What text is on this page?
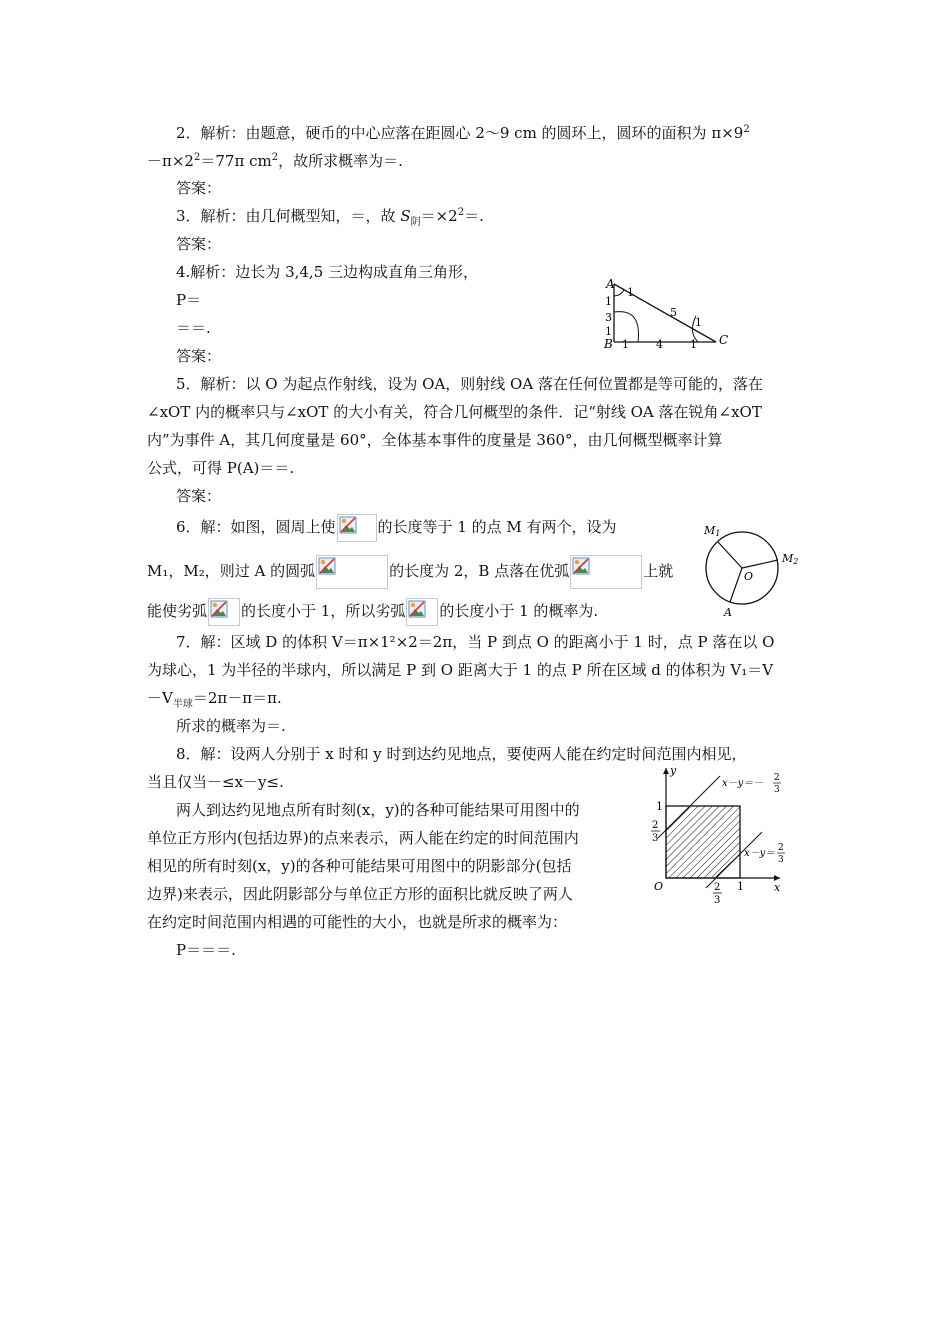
2．解析：由题意，硬币的中心应落在距圆心 2～9 cm 的圆环上，圆环的面积为 $\pi\times 9^2$
$-\pi\times 2^2=77\pi$ $cm^2$，故所求概率为＝.
答案：
3．解析：由几何概型知，＝，故 $S_阴=\times 2^2=$.
答案：
4.解析：边长为 3,4,5 三边构成直角三角形，
P＝
＝＝.
答案：
A
B	C
1
3
1
1
5
1
1 4 1
5．解析：以 O 为起点作射线，设为 OA，则射线 OA 落在任何位置都是等可能的，落在
∠xOT 内的概率只与∠xOT 的大小有关，符合几何概型的条件．记“射线 OA 落在锐角∠xOT
内”为事件 A，其几何度量是 60°，全体基本事件的度量是 360°，由几何概型概率计算
公式，可得 P(A)＝＝.
答案：
6．解：如图，圆周上使	的长度等于 1 的点 M 有两个，设为
M₁，M₂，则过 A 的圆弧	的长度为 2，B 点落在优弧	上就
能使劣弧 的长度小于 1，所以劣弧 的长度小于 1 的概率为.
M1
M2
O
A
7．解：区域 D 的体积 V＝π×1²×2＝2π，当 P 到点 O 的距离小于 1 时，点 P 落在以 O
为球心，1 为半径的半球内，所以满足 P 到 O 距离大于 1 的点 P 所在区域 d 的体积为 V₁＝V
$-V_{半球}=2\pi-\pi=\pi$.
所求的概率为＝.
8．解：设两人分别于 x 时和 y 时到达约见地点，要使两人能在约定时间范围内相见，
当且仅当－≤x－y≤.
两人到达约见地点所有时刻(x，y)的各种可能结果可用图中的
单位正方形内(包括边界)的点来表示，两人能在约定的时间范围内
相见的所有时刻(x，y)的各种可能结果可用图中的阴影部分(包括
边界)来表示，因此阴影部分与单位正方形的面积比就反映了两人
在约定时间范围内相遇的可能性的大小，也就是所求的概率为：
P＝＝＝.
y
x
O
1
1
2
3
2
3
x－y＝－ 2
3
x－y＝ 2
3
